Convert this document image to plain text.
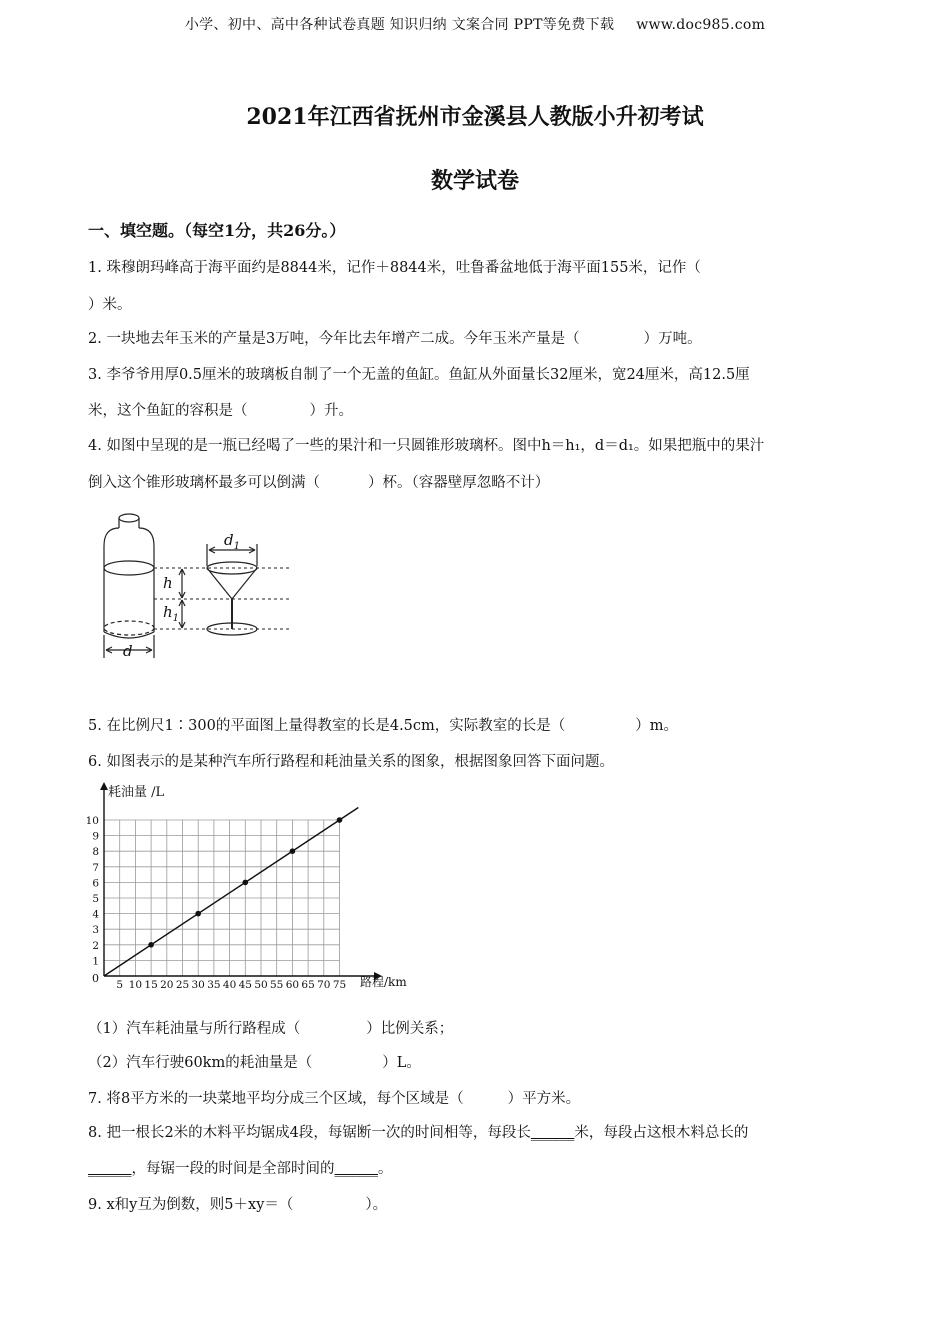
小学、初中、高中各种试卷真题 知识归纳 文案合同 PPT等免费下载 www.doc985.com
2021年江西省抚州市金溪县人教版小升初考试
数学试卷
一、填空题。（每空1分，共26分。）
1. 珠穆朗玛峰高于海平面约是8844米，记作＋8844米，吐鲁番盆地低于海平面155米，记作（
）米。
2. 一块地去年玉米的产量是3万吨，今年比去年增产二成。今年玉米产量是（	）万吨。
3. 李爷爷用厚0.5厘米的玻璃板自制了一个无盖的鱼缸。鱼缸从外面量长32厘米，宽24厘米，高12.5厘
米，这个鱼缸的容积是（	）升。
4. 如图中呈现的是一瓶已经喝了一些的果汁和一只圆锥形玻璃杯。图中h＝h₁，d＝d₁。如果把瓶中的果汁
倒入这个锥形玻璃杯最多可以倒满（	）杯。（容器壁厚忽略不计）
$d_1$
h
$h_1$
d
5. 在比例尺1∶300的平面图上量得教室的长是4.5cm，实际教室的长是（	）m。
6. 如图表示的是某种汽车所行路程和耗油量关系的图象，根据图象回答下面问题。
5 10 15 20 25 30 35 40 45 50 55 60 65 70 75
1
2
3
4
5
6
7
8
9
10
耗油量 /L
路程/km
0
（1）汽车耗油量与所行路程成（	）比例关系；
（2）汽车行驶60km的耗油量是（	）L。
7. 将8平方米的一块菜地平均分成三个区域，每个区域是（	）平方米。
8. 把一根长2米的木料平均锯成4段，每锯断一次的时间相等，每段长______米，每段占这根木料总长的
______，每锯一段的时间是全部时间的______。
9. x和y互为倒数，则5＋xy＝（	）。
